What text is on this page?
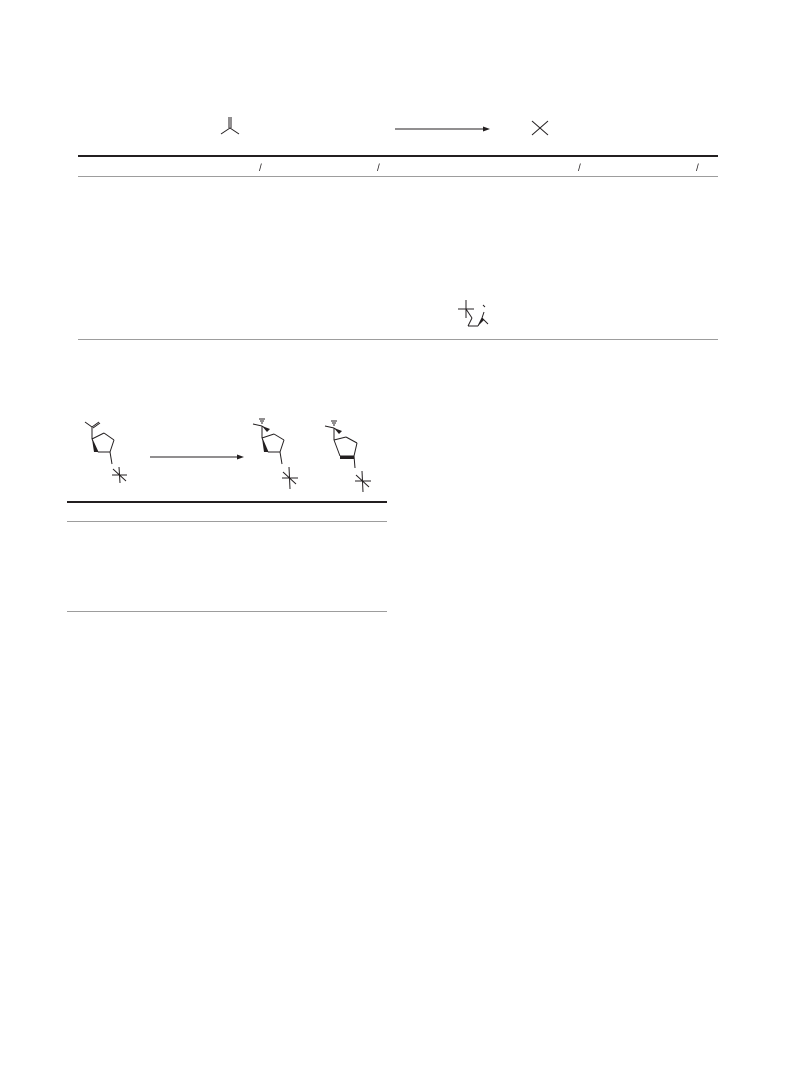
/	/	/	/
